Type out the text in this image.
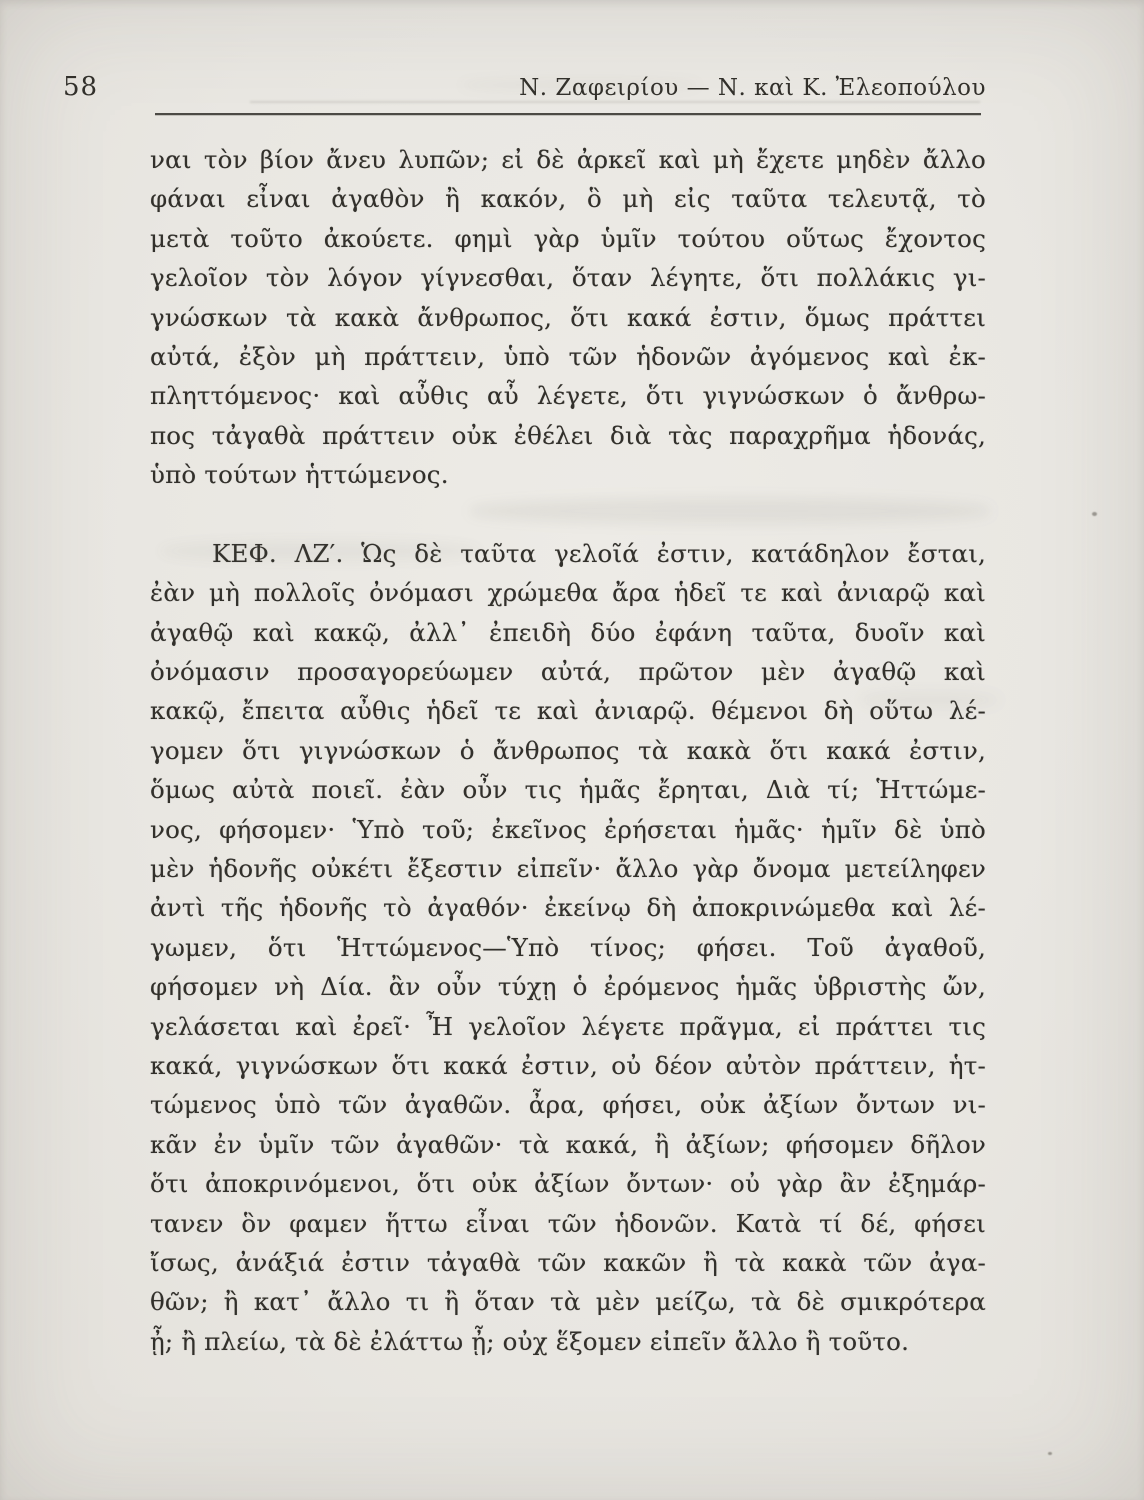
58	Ν. Ζαφειρίου — Ν. καὶ Κ. Ἐλεοπούλου
ναι τὸν βίον ἄνευ λυπῶν; εἰ δὲ ἀρκεῖ καὶ μὴ ἔχετε μηδὲν ἄλλο
φάναι εἶναι ἀγαθὸν ἢ κακόν, ὃ μὴ εἰς ταῦτα τελευτᾷ, τὸ
μετὰ τοῦτο ἀκούετε. φημὶ γὰρ ὑμῖν τούτου οὕτως ἔχοντος
γελοῖον τὸν λόγον γίγνεσθαι, ὅταν λέγητε, ὅτι πολλάκις γι-
γνώσκων τὰ κακὰ ἄνθρωπος, ὅτι κακά ἐστιν, ὅμως πράττει
αὐτά, ἐξὸν μὴ πράττειν, ὑπὸ τῶν ἡδονῶν ἀγόμενος καὶ ἐκ-
πληττόμενος· καὶ αὖθις αὖ λέγετε, ὅτι γιγνώσκων ὁ ἄνθρω-
πος τἀγαθὰ πράττειν οὐκ ἐθέλει διὰ τὰς παραχρῆμα ἡδονάς,
ὑπὸ τούτων ἡττώμενος.
ΚΕΦ. ΛΖ′. Ὡς δὲ ταῦτα γελοῖά ἐστιν, κατάδηλον ἔσται,
ἐὰν μὴ πολλοῖς ὀνόμασι χρώμεθα ἄρα ἡδεῖ τε καὶ ἀνιαρῷ καὶ
ἀγαθῷ καὶ κακῷ, ἀλλ᾽ ἐπειδὴ δύο ἐφάνη ταῦτα, δυοῖν καὶ
ὀνόμασιν προσαγορεύωμεν αὐτά, πρῶτον μὲν ἀγαθῷ καὶ
κακῷ, ἔπειτα αὖθις ἡδεῖ τε καὶ ἀνιαρῷ. θέμενοι δὴ οὕτω λέ-
γομεν ὅτι γιγνώσκων ὁ ἄνθρωπος τὰ κακὰ ὅτι κακά ἐστιν,
ὅμως αὐτὰ ποιεῖ. ἐὰν οὖν τις ἡμᾶς ἔρηται, Διὰ τί; Ἡττώμε-
νος, φήσομεν· Ὑπὸ τοῦ; ἐκεῖνος ἐρήσεται ἡμᾶς· ἡμῖν δὲ ὑπὸ
μὲν ἡδονῆς οὐκέτι ἔξεστιν εἰπεῖν· ἄλλο γὰρ ὄνομα μετείληφεν
ἀντὶ τῆς ἡδονῆς τὸ ἀγαθόν· ἐκείνῳ δὴ ἀποκρινώμεθα καὶ λέ-
γωμεν, ὅτι Ἡττώμενος—Ὑπὸ τίνος; φήσει. Τοῦ ἀγαθοῦ,
φήσομεν νὴ Δία. ἂν οὖν τύχῃ ὁ ἐρόμενος ἡμᾶς ὑβριστὴς ὤν,
γελάσεται καὶ ἐρεῖ· Ἦ γελοῖον λέγετε πρᾶγμα, εἰ πράττει τις
κακά, γιγνώσκων ὅτι κακά ἐστιν, οὐ δέον αὐτὸν πράττειν, ἡτ-
τώμενος ὑπὸ τῶν ἀγαθῶν. ἆρα, φήσει, οὐκ ἀξίων ὄντων νι-
κᾶν ἐν ὑμῖν τῶν ἀγαθῶν· τὰ κακά, ἢ ἀξίων; φήσομεν δῆλον
ὅτι ἀποκρινόμενοι, ὅτι οὐκ ἀξίων ὄντων· οὐ γὰρ ἂν ἐξημάρ-
τανεν ὃν φαμεν ἥττω εἶναι τῶν ἡδονῶν. Κατὰ τί δέ, φήσει
ἴσως, ἀνάξιά ἐστιν τἀγαθὰ τῶν κακῶν ἢ τὰ κακὰ τῶν ἀγα-
θῶν; ἢ κατ᾽ ἄλλο τι ἢ ὅταν τὰ μὲν μείζω, τὰ δὲ σμικρότερα
ᾖ; ἢ πλείω, τὰ δὲ ἐλάττω ᾖ; οὐχ ἕξομεν εἰπεῖν ἄλλο ἢ τοῦτο.
